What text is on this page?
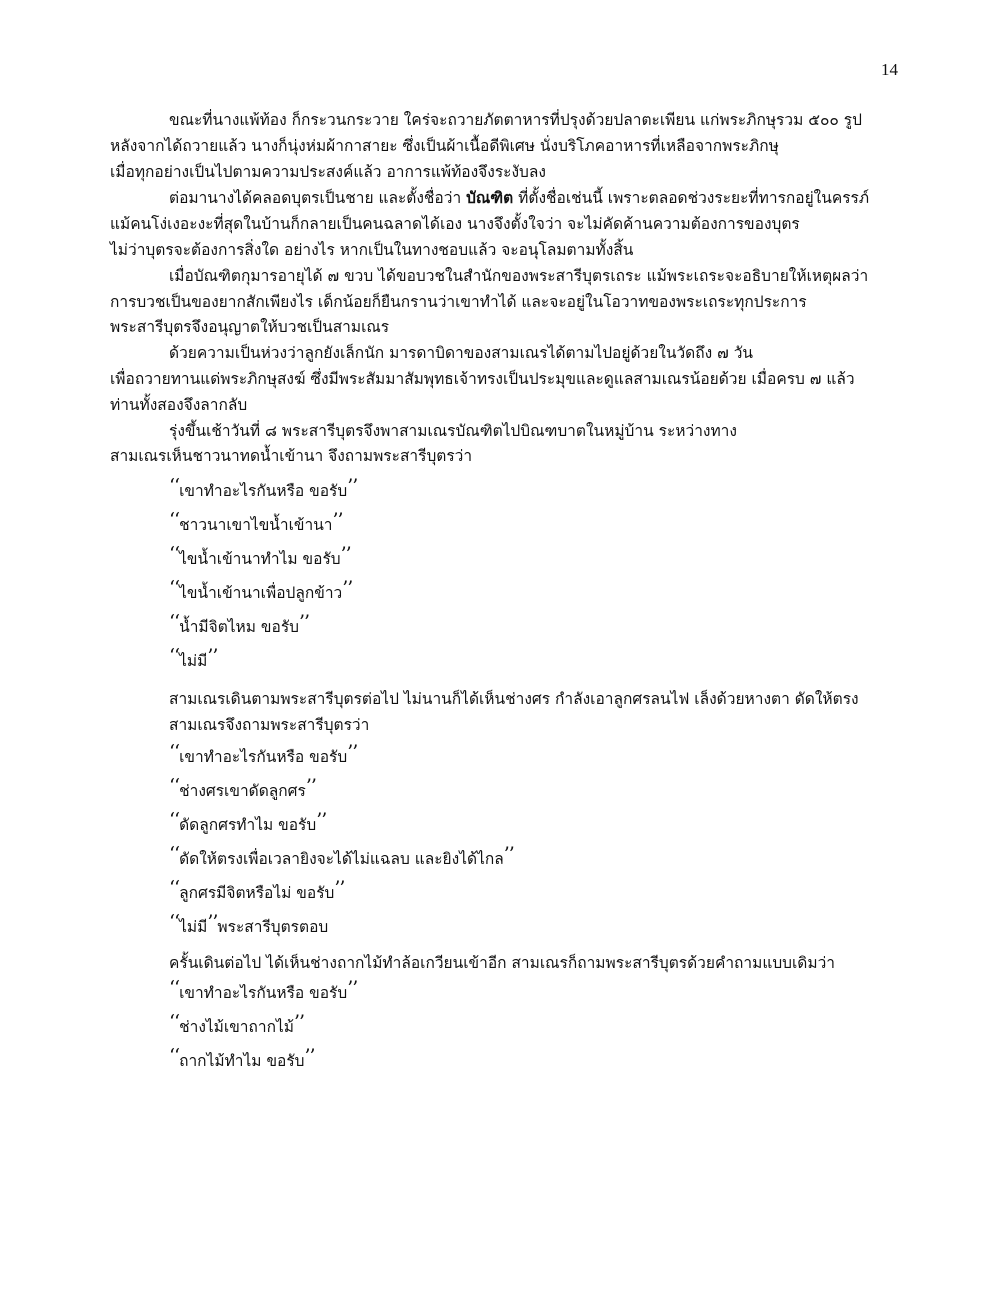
14
ขณะที่นางแพ้ท้อง ก็กระวนกระวาย ใคร่จะถวายภัตตาหารที่ปรุงด้วยปลาตะเพียน แก่พระภิกษุรวม ๕๐๐ รูป
หลังจากได้ถวายแล้ว นางก็นุ่งห่มผ้ากาสายะ ซึ่งเป็นผ้าเนื้อดีพิเศษ นั่งบริโภคอาหารที่เหลือจากพระภิกษุ
เมื่อทุกอย่างเป็นไปตามความประสงค์แล้ว อาการแพ้ท้องจึงระงับลง
ต่อมานางได้คลอดบุตรเป็นชาย และตั้งชื่อว่า บัณฑิต ที่ตั้งชื่อเช่นนี้ เพราะตลอดช่วงระยะที่ทารกอยู่ในครรภ์
แม้คนโง่เงอะงะที่สุดในบ้านก็กลายเป็นคนฉลาดได้เอง นางจึงตั้งใจว่า จะไม่คัดค้านความต้องการของบุตร
ไม่ว่าบุตรจะต้องการสิ่งใด อย่างไร หากเป็นในทางชอบแล้ว จะอนุโลมตามทั้งสิ้น
เมื่อบัณฑิตกุมารอายุได้ ๗ ขวบ ได้ขอบวชในสำนักของพระสารีบุตรเถระ แม้พระเถระจะอธิบายให้เหตุผลว่า
การบวชเป็นของยากสักเพียงไร เด็กน้อยก็ยืนกรานว่าเขาทำได้ และจะอยู่ในโอวาทของพระเถระทุกประการ
พระสารีบุตรจึงอนุญาตให้บวชเป็นสามเณร
ด้วยความเป็นห่วงว่าลูกยังเล็กนัก มารดาบิดาของสามเณรได้ตามไปอยู่ด้วยในวัดถึง ๗ วัน
เพื่อถวายทานแด่พระภิกษุสงฆ์ ซึ่งมีพระสัมมาสัมพุทธเจ้าทรงเป็นประมุขและดูแลสามเณรน้อยด้วย เมื่อครบ ๗ แล้ว
ท่านทั้งสองจึงลากลับ
รุ่งขึ้นเช้าวันที่ ๘ พระสารีบุตรจึงพาสามเณรบัณฑิตไปบิณฑบาตในหมู่บ้าน ระหว่างทาง
สามเณรเห็นชาวนาทดน้ำเข้านา จึงถามพระสารีบุตรว่า
‘‘ เขาทำอะไรกันหรือ ขอรับ ’’
‘‘ ชาวนาเขาไขน้ำเข้านา ’’
‘‘ ไขน้ำเข้านาทำไม ขอรับ ’’
‘‘ ไขน้ำเข้านาเพื่อปลูกข้าว ’’
‘‘ น้ำมีจิตไหม ขอรับ ’’
‘‘ ไม่มี ’’
สามเณรเดินตามพระสารีบุตรต่อไป ไม่นานก็ได้เห็นช่างศร กำลังเอาลูกศรลนไฟ เล็งด้วยหางตา ดัดให้ตรง
สามเณรจึงถามพระสารีบุตรว่า
‘‘ เขาทำอะไรกันหรือ ขอรับ ’’
‘‘ ช่างศรเขาดัดลูกศร ’’
‘‘ ดัดลูกศรทำไม ขอรับ ’’
‘‘ ดัดให้ตรงเพื่อเวลายิงจะได้ไม่แฉลบ และยิงได้ไกล ’’
‘‘ ลูกศรมีจิตหรือไม่ ขอรับ ’’
‘‘ ไม่มี ’’ พระสารีบุตรตอบ
ครั้นเดินต่อไป ได้เห็นช่างถากไม้ทำล้อเกวียนเข้าอีก สามเณรก็ถามพระสารีบุตรด้วยคำถามแบบเดิมว่า
‘‘ เขาทำอะไรกันหรือ ขอรับ ’’
‘‘ ช่างไม้เขาถากไม้ ’’
‘‘ ถากไม้ทำไม ขอรับ ’’
